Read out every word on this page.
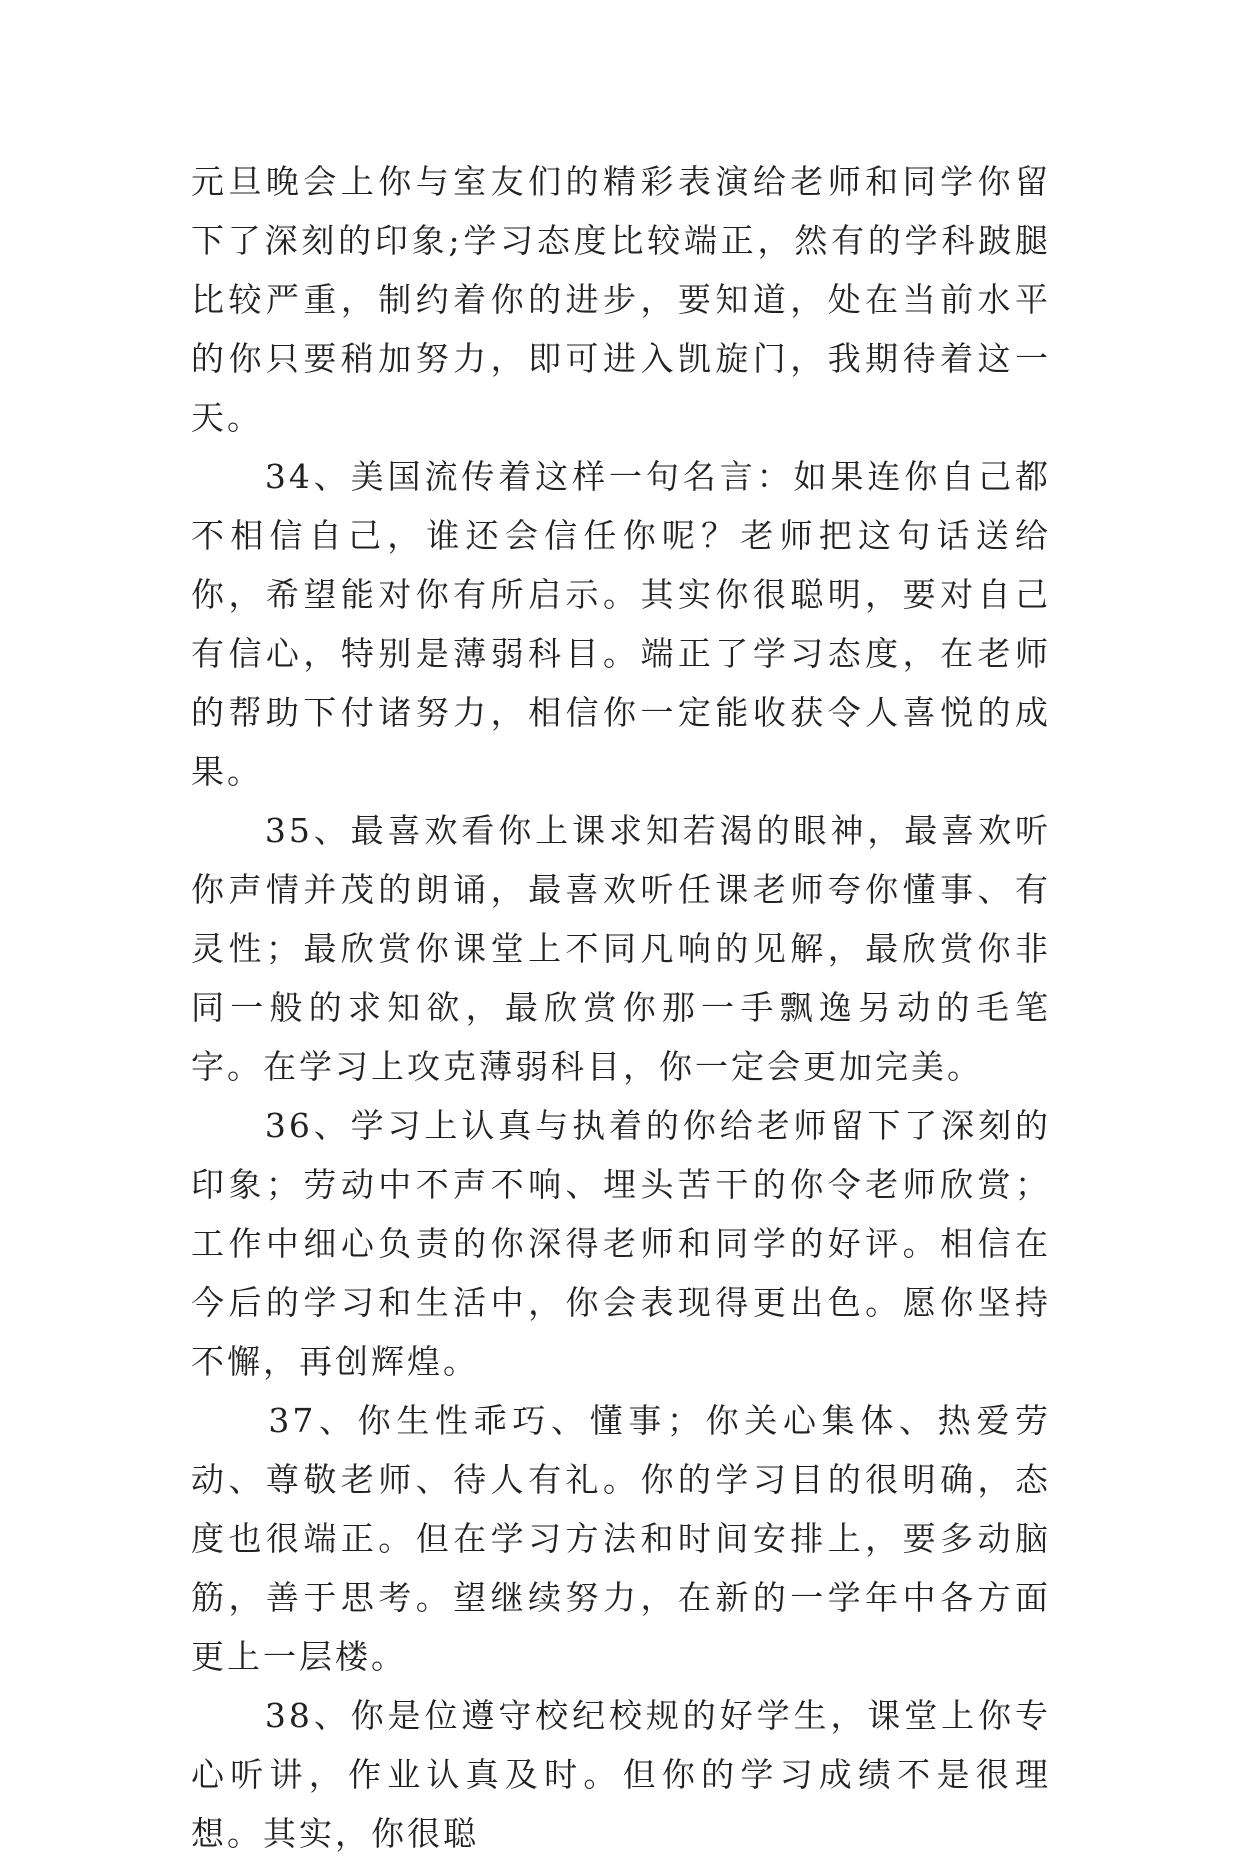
元旦晚会上你与室友们的精彩表演给老师和同学你留下了深刻的印象;学习态度比较端正，然有的学科跛腿比较严重，制约着你的进步，要知道，处在当前水平的你只要稍加努力，即可进入凯旋门，我期待着这一天。

　　34、美国流传着这样一句名言：如果连你自己都不相信自己，谁还会信任你呢？老师把这句话送给你，希望能对你有所启示。其实你很聪明，要对自己有信心，特别是薄弱科目。端正了学习态度，在老师的帮助下付诸努力，相信你一定能收获令人喜悦的成果。

　　35、最喜欢看你上课求知若渴的眼神，最喜欢听你声情并茂的朗诵，最喜欢听任课老师夸你懂事、有灵性；最欣赏你课堂上不同凡响的见解，最欣赏你非同一般的求知欲，最欣赏你那一手飘逸另动的毛笔字。在学习上攻克薄弱科目，你一定会更加完美。

　　36、学习上认真与执着的你给老师留下了深刻的印象；劳动中不声不响、埋头苦干的你令老师欣赏；工作中细心负责的你深得老师和同学的好评。相信在今后的学习和生活中，你会表现得更出色。愿你坚持不懈，再创辉煌。

　　37、你生性乖巧、懂事；你关心集体、热爱劳动、尊敬老师、待人有礼。你的学习目的很明确，态度也很端正。但在学习方法和时间安排上，要多动脑筋，善于思考。望继续努力，在新的一学年中各方面更上一层楼。

　　38、你是位遵守校纪校规的好学生，课堂上你专心听讲，作业认真及时。但你的学习成绩不是很理想。其实，你很聪
